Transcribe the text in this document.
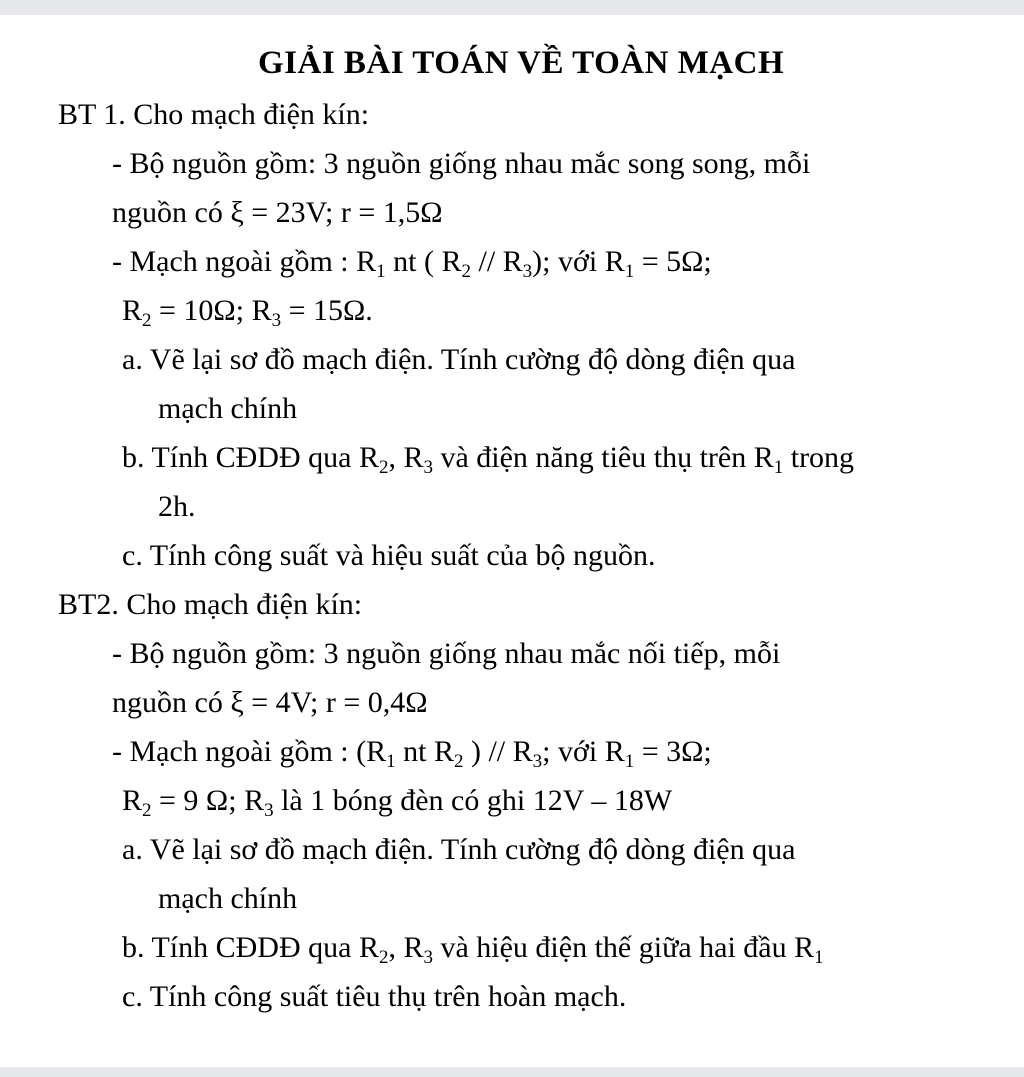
GIẢI BÀI TOÁN VỀ TOÀN MẠCH
BT 1. Cho mạch điện kín:
- Bộ nguồn gồm: 3 nguồn giống nhau mắc song song, mỗi
nguồn có ξ = 23V; r = 1,5Ω
- Mạch ngoài gồm : $R_1$ nt ( $R_2 // R_3$); với $R_1 = 5\Omega$;
$R_2 = 10\Omega$; $R_3 = 15\Omega$.
a. Vẽ lại sơ đồ mạch điện. Tính cường độ dòng điện qua
mạch chính
b. Tính CĐDĐ qua $R_2$, $R_3$ và điện năng tiêu thụ trên $R_1$ trong
2h.
c. Tính công suất và hiệu suất của bộ nguồn.
BT2. Cho mạch điện kín:
- Bộ nguồn gồm: 3 nguồn giống nhau mắc nối tiếp, mỗi
nguồn có ξ = 4V; r = 0,4Ω
- Mạch ngoài gồm : ($R_1$ nt $R_2$ ) // $R_3$; với $R_1 = 3\Omega$;
$R_2 = 9$ Ω; $R_3$ là 1 bóng đèn có ghi 12V – 18W
a. Vẽ lại sơ đồ mạch điện. Tính cường độ dòng điện qua
mạch chính
b. Tính CĐDĐ qua $R_2$, $R_3$ và hiệu điện thế giữa hai đầu $R_1$
c. Tính công suất tiêu thụ trên hoàn mạch.
